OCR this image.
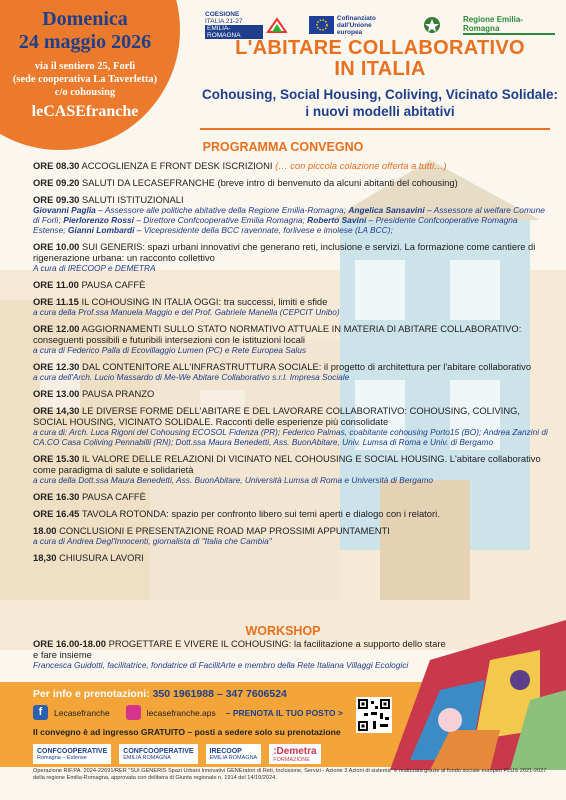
Domenica
24 maggio 2026
via il sentiero 25, Forlì
(sede cooperativa La Taverletta)
c/o cohousing
leCASEfranche
COESIONE
ITALIA 21-27
EMILIA-ROMAGNA
Cofinanziato
dall'Unione europea
Regione Emilia-Romagna
L'ABITARE COLLABORATIVO
IN ITALIA
Cohousing, Social Housing, Coliving, Vicinato Solidale:
i nuovi modelli abitativi
PROGRAMMA CONVEGNO
ORE 08.30 ACCOGLIENZA E FRONT DESK ISCRIZIONI (… con piccola colazione offerta a tutti…)
ORE 09.20 SALUTI DA LECASEFRANCHE (breve intro di benvenuto da alcuni abitanti del cohousing)
ORE 09.30 SALUTI ISTITUZIONALI
Giovanni Paglia – Assessore alle politiche abitative della Regione Emilia-Romagna; Angelica Sansavini – Assessore al welfare Comune di Forlì; Pierlorenzo Rossi – Direttore Confcooperative Emilia Romagna; Roberto Savini – Presidente Confcooperative Romagna Estense; Gianni Lombardi – Vicepresidente della BCC ravennate, forlivese e imolese (LA BCC);
ORE 10.00 SUI GENERIS: spazi urbani innovativi che generano reti, inclusione e servizi. La formazione come cantiere di rigenerazione urbana: un racconto collettivo
A cura di IRECOOP e DEMETRA
ORE 11.00 PAUSA CAFFÈ
ORE 11.15 IL COHOUSING IN ITALIA OGGI: tra successi, limiti e sfide
a cura della Prof.ssa Manuela Maggio e del Prof. Gabriele Manella (CEPCIT Unibo)
ORE 12.00 AGGIORNAMENTI SULLO STATO NORMATIVO ATTUALE IN MATERIA DI ABITARE COLLABORATIVO: conseguenti possibili e futuribili intersezioni con le istituzioni locali
a cura di Federico Palla di Ecovillaggio Lumen (PC) e Rete Europea Salus
ORE 12.30 DAL CONTENITORE ALL'INFRASTRUTTURA SOCIALE: il progetto di architettura per l'abitare collaborativo
a cura dell'Arch. Lucio Massardo di Me-We Abitare Collaborativo s.r.l. Impresa Sociale
ORE 13.00 PAUSA PRANZO
ORE 14,30 LE DIVERSE FORME DELL'ABITARE E DEL LAVORARE COLLABORATIVO: COHOUSING, COLIVING, SOCIAL HOUSING, VICINATO SOLIDALE. Racconti delle esperienze più consolidate
a cura di: Arch. Luca Rigoni del Cohousing ECOSOL Fidenza (PR); Federico Palmas, coabitante cohousing Porto15 (BO); Andrea Zanzini di CA.CO Casa Coliving Pennabilli (RN); Dott.ssa Maura Benedetti, Ass. BuonAbitare, Univ. Lumsa di Roma e Univ. di Bergamo
ORE 15.30 IL VALORE DELLE RELAZIONI DI VICINATO NEL COHOUSING E SOCIAL HOUSING. L'abitare collaborativo come paradigma di salute e solidarietà
a cura della Dott.ssa Maura Benedetti, Ass. BuonAbitare, Università Lumsa di Roma e Università di Bergamo
ORE 16.30 PAUSA CAFFÈ
ORE 16.45 TAVOLA ROTONDA: spazio per confronto libero sui temi aperti e dialogo con i relatori.
18.00 CONCLUSIONI E PRESENTAZIONE ROAD MAP PROSSIMI APPUNTAMENTI
a cura di Andrea Degl'Innocenti, giornalista di "Italia che Cambia"
18,30 CHIUSURA LAVORI
WORKSHOP
ORE 16.00-18.00 PROGETTARE E VIVERE IL COHOUSING: la facilitazione a supporto dello stare e fare insieme
Francesca Guidotti, facilitatrice, fondatrice di FacilitArte e membro della Rete Italiana Villaggi Ecologici
Per info e prenotazioni: 350 1961988 – 347 7606524
f	Lecasefranche	lecasefranche.aps – PRENOTA IL TUO POSTO >
Il convegno è ad ingresso GRATUITO – posti a sedere solo su prenotazione
CONFCOOPERATIVE
Romagna – Estense
CONFCOOPERATIVE
EMILIA ROMAGNA
IRECOOP
EMILIA ROMAGNA
:Demetra
FORMAZIONE
Operazione RIF.PA. 2024-22691/RER "SUI GENERIS Spazi Urbani Innovativi GENEratori di Reti, Inclusione, Servizi - Azione 3 Azioni di sistema" è realizzata grazie al fondo sociale europeo PLUS 2021-2027 della regione Emilia-Romagna, approvata con delibera di Giunta regionale n. 1914 del 14/10/2024.
